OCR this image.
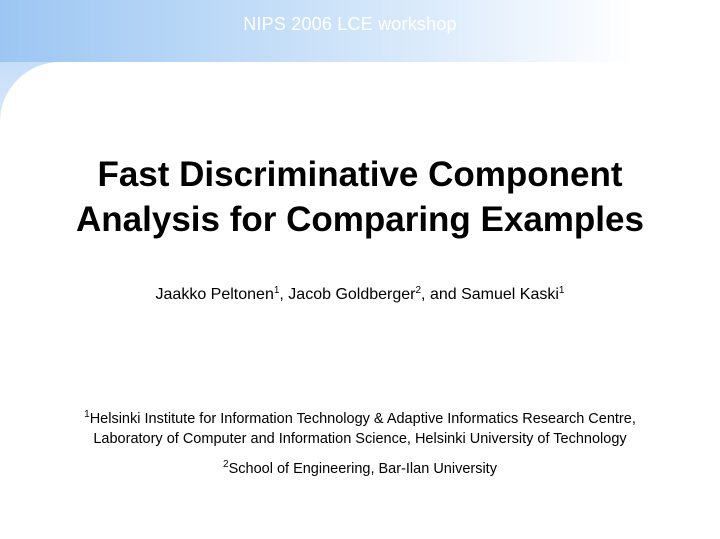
NIPS 2006 LCE workshop
Fast Discriminative Component
Analysis for Comparing Examples
Jaakko Peltonen$^1$, Jacob Goldberger$^2$, and Samuel Kaski$^1$
$^1$Helsinki Institute for Information Technology & Adaptive Informatics Research Centre,
Laboratory of Computer and Information Science, Helsinki University of Technology
$^2$School of Engineering, Bar-Ilan University
